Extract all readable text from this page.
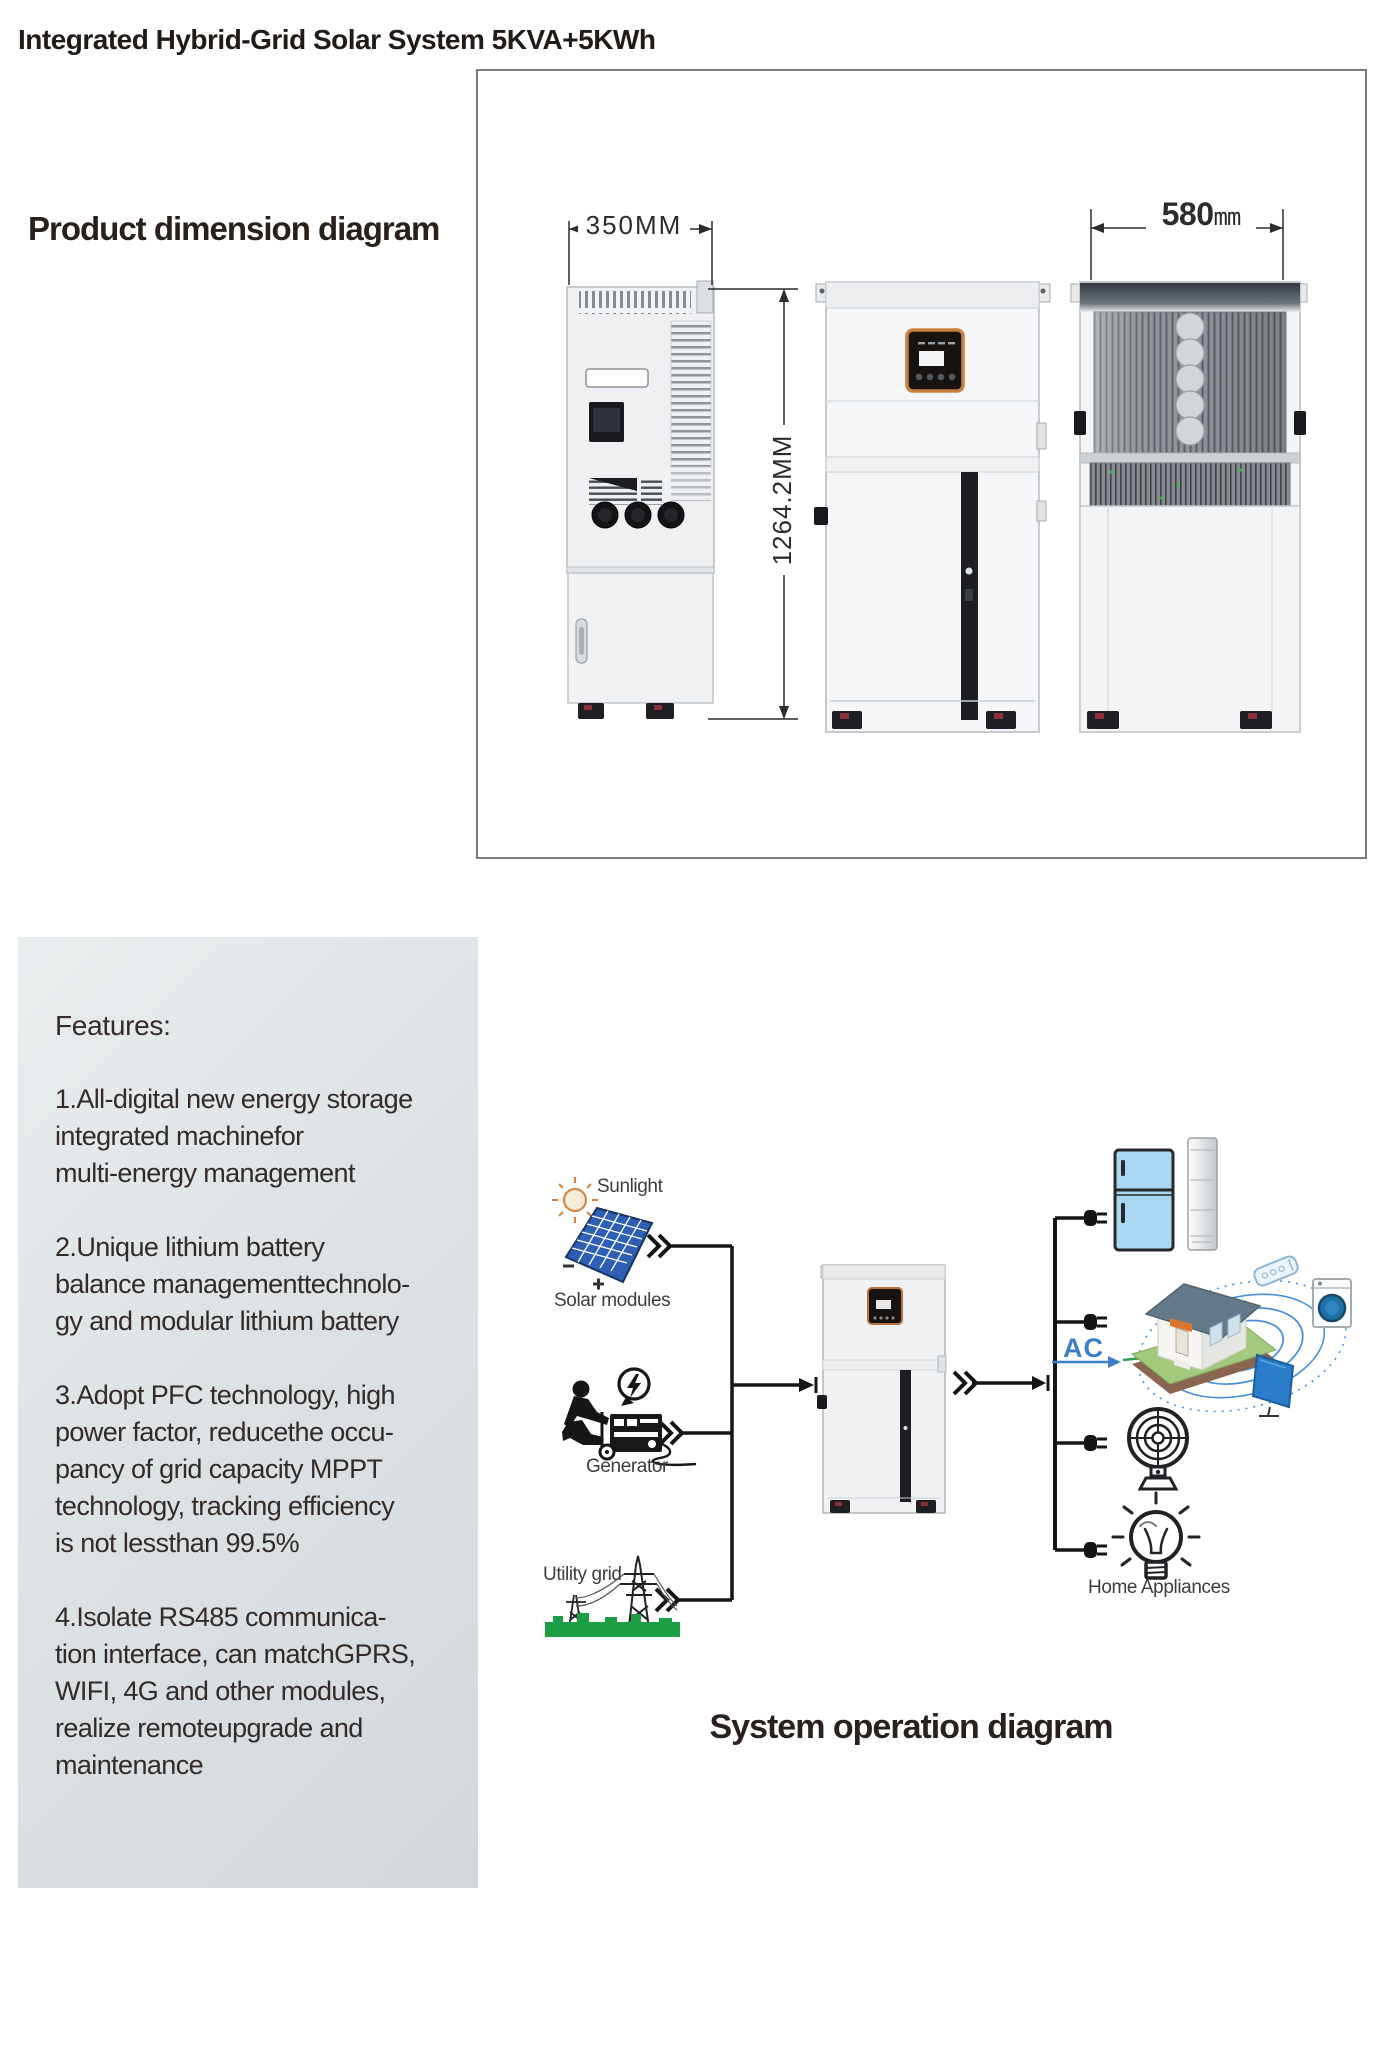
Integrated Hybrid-Grid Solar System 5KVA+5KWh
Product dimension diagram	350MM
1264.2MM
580mm
Features:
1.All-digital new energy storage
integrated machinefor
multi-energy management
2.Unique lithium battery
balance managementtechnolo-
gy and modular lithium battery
3.Adopt PFC technology, high
power factor, reducethe occu-
pancy of grid capacity MPPT
technology, tracking efficiency
is not lessthan 99.5%
4.Isolate RS485 communica-
tion interface, can matchGPRS,
WIFI, 4G and other modules,
realize remoteupgrade and
maintenance
Sunlight
Solar modules
Generator
Utility grid
AC
Home Appliances
System operation diagram
